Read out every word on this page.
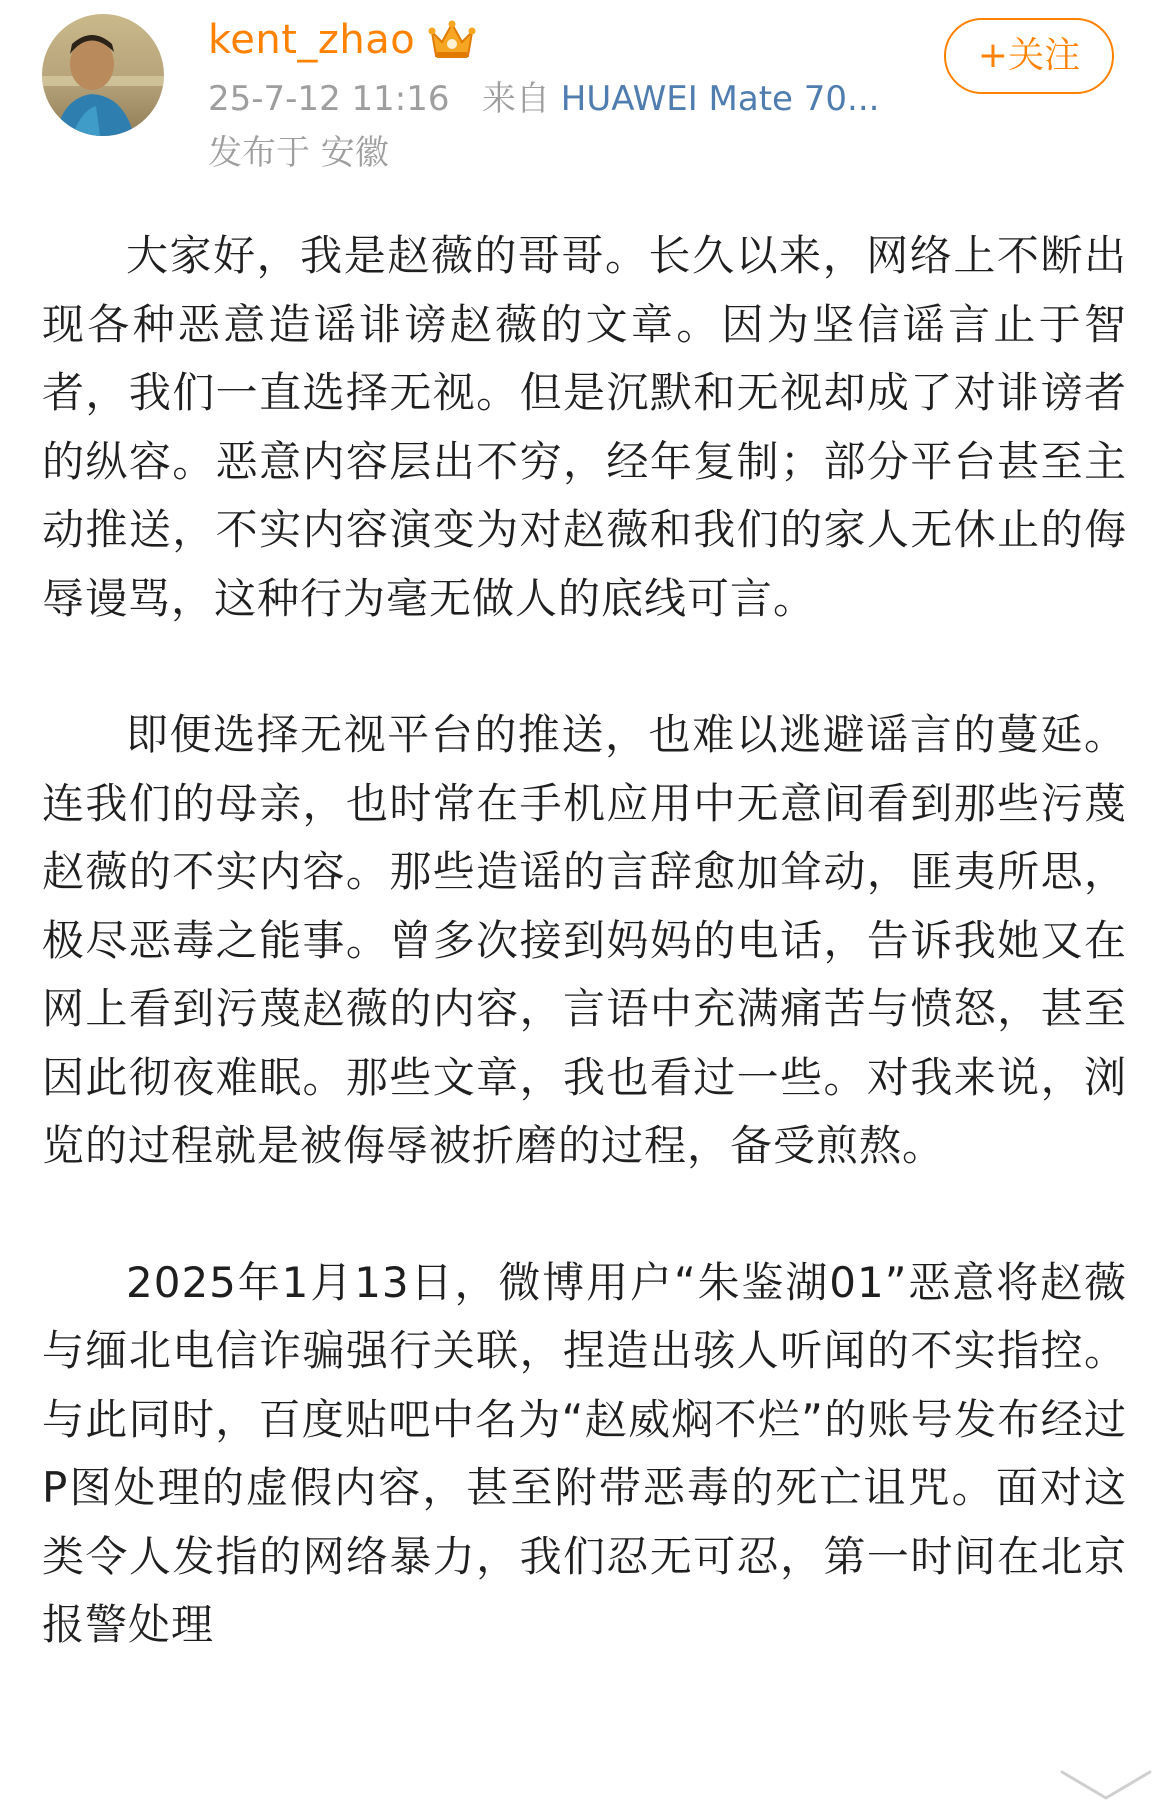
kent_zhao
25-7-12 11:16 来自 HUAWEI Mate 70...
发布于 安徽
+关注

大家好，我是赵薇的哥哥。长久以来，网络上不断出现各种恶意造谣诽谤赵薇的文章。因为坚信谣言止于智者，我们一直选择无视。但是沉默和无视却成了对诽谤者的纵容。恶意内容层出不穷，经年复制；部分平台甚至主动推送，不实内容演变为对赵薇和我们的家人无休止的侮辱谩骂，这种行为毫无做人的底线可言。

即便选择无视平台的推送，也难以逃避谣言的蔓延。连我们的母亲，也时常在手机应用中无意间看到那些污蔑赵薇的不实内容。那些造谣的言辞愈加耸动，匪夷所思，极尽恶毒之能事。曾多次接到妈妈的电话，告诉我她又在网上看到污蔑赵薇的内容，言语中充满痛苦与愤怒，甚至因此彻夜难眠。那些文章，我也看过一些。对我来说，浏览的过程就是被侮辱被折磨的过程，备受煎熬。

2025年1月13日，微博用户“朱鉴湖01”恶意将赵薇与缅北电信诈骗强行关联，捏造出骇人听闻的不实指控。与此同时，百度贴吧中名为“赵威焖不烂”的账号发布经过P图处理的虚假内容，甚至附带恶毒的死亡诅咒。面对这类令人发指的网络暴力，我们忍无可忍，第一时间在北京报警处理
